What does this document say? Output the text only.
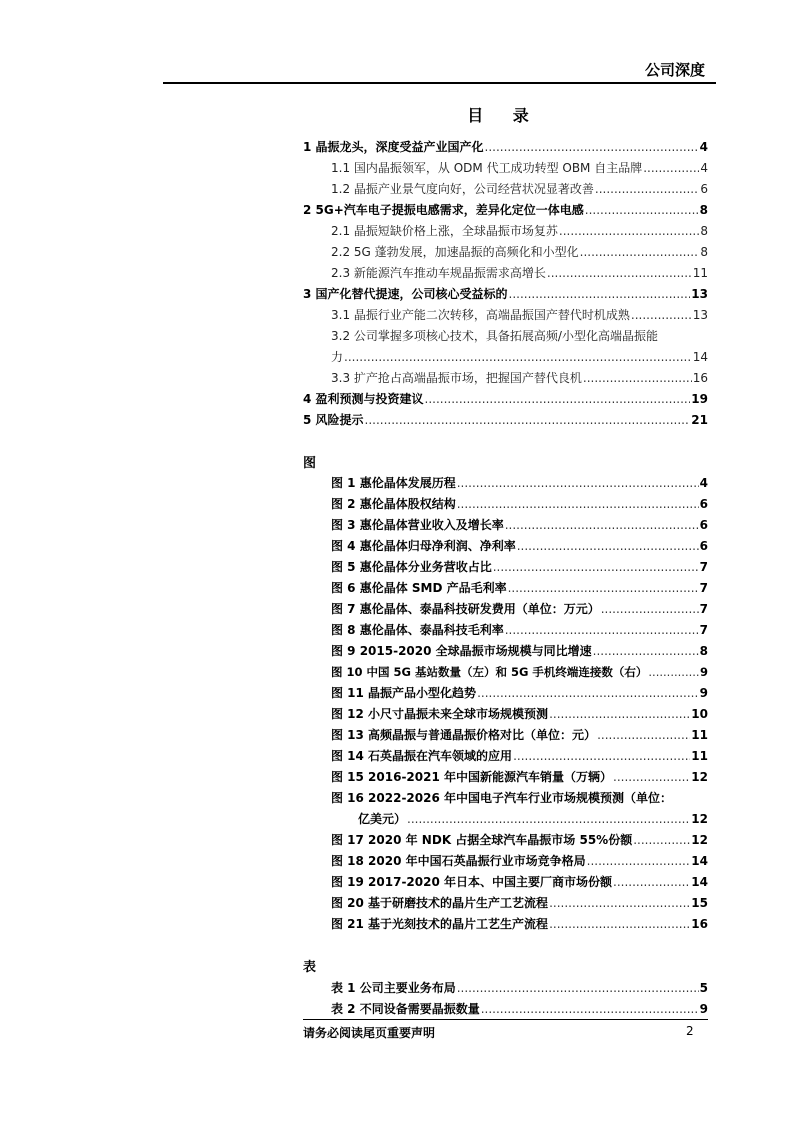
公司深度
目 录
1 晶振龙头，深度受益产业国产化 .....	4
1.1 国内晶振领军，从 ODM 代工成功转型 OBM 自主品牌 .....	4
1.2 晶振产业景气度向好，公司经营状况显著改善 .....	6
2 5G+汽车电子提振电感需求，差异化定位一体电感 .....	8
2.1 晶振短缺价格上涨，全球晶振市场复苏 .....	8
2.2 5G 蓬勃发展，加速晶振的高频化和小型化 .....	8
2.3 新能源汽车推动车规晶振需求高增长 .....	11
3 国产化替代提速，公司核心受益标的 .....	13
3.1 晶振行业产能二次转移，高端晶振国产替代时机成熟 .....	13
3.2 公司掌握多项核心技术，具备拓展高频/小型化高端晶振能
力 .....	14
3.3 扩产抢占高端晶振市场，把握国产替代良机 .....	16
4 盈利预测与投资建议 .....	19
5 风险提示 .....	21
图
图 1 惠伦晶体发展历程 .....	4
图 2 惠伦晶体股权结构 .....	6
图 3 惠伦晶体营业收入及增长率 .....	6
图 4 惠伦晶体归母净利润、净利率 .....	6
图 5 惠伦晶体分业务营收占比 .....	7
图 6 惠伦晶体 SMD 产品毛利率 .....	7
图 7 惠伦晶体、泰晶科技研发费用（单位：万元） .....	7
图 8 惠伦晶体、泰晶科技毛利率 .....	7
图 9 2015-2020 全球晶振市场规模与同比增速 .....	8
图 10 中国 5G 基站数量（左）和 5G 手机终端连接数（右） .....	9
图 11 晶振产品小型化趋势 .....	9
图 12 小尺寸晶振未来全球市场规模预测 .....	10
图 13 高频晶振与普通晶振价格对比（单位：元） .....	11
图 14 石英晶振在汽车领域的应用 .....	11
图 15 2016-2021 年中国新能源汽车销量（万辆） .....	12
图 16 2022-2026 年中国电子汽车行业市场规模预测（单位：
亿美元） .....	12
图 17 2020 年 NDK 占据全球汽车晶振市场 55%份额 .....	12
图 18 2020 年中国石英晶振行业市场竞争格局 .....	14
图 19 2017-2020 年日本、中国主要厂商市场份额 .....	14
图 20 基于研磨技术的晶片生产工艺流程 .....	15
图 21 基于光刻技术的晶片工艺生产流程 .....	16
表
表 1 公司主要业务布局 .....	5
表 2 不同设备需要晶振数量 .....	9
请务必阅读尾页重要声明	2
